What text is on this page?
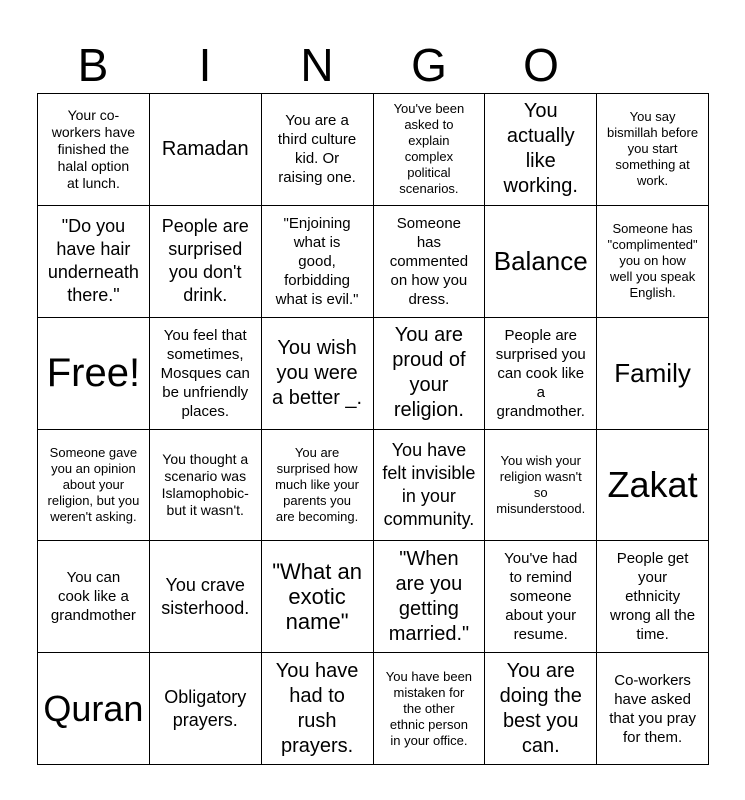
B	I	N	G	O
Your co-
workers have
finished the
halal option
at lunch.
Ramadan
You are a
third culture
kid. Or
raising one.
You've been
asked to
explain
complex
political
scenarios.
You
actually
like
working.
You say
bismillah before
you start
something at
work.
"Do you
have hair
underneath
there."
People are
surprised
you don't
drink.
"Enjoining
what is
good,
forbidding
what is evil."
Someone
has
commented
on how you
dress.
Balance
Someone has
"complimented"
you on how
well you speak
English.
Free!
You feel that
sometimes,
Mosques can
be unfriendly
places.
You wish
you were
a better _.
You are
proud of
your
religion.
People are
surprised you
can cook like
a
grandmother.
Family
Someone gave
you an opinion
about your
religion, but you
weren't asking.
You thought a
scenario was
Islamophobic-
but it wasn't.
You are
surprised how
much like your
parents you
are becoming.
You have
felt invisible
in your
community.
You wish your
religion wasn't
so
misunderstood.
Zakat
You can
cook like a
grandmother
You crave
sisterhood.
"What an
exotic
name"
"When
are you
getting
married."
You've had
to remind
someone
about your
resume.
People get
your
ethnicity
wrong all the
time.
Quran Obligatory
prayers.
You have
had to
rush
prayers.
You have been
mistaken for
the other
ethnic person
in your office.
You are
doing the
best you
can.
Co-workers
have asked
that you pray
for them.
